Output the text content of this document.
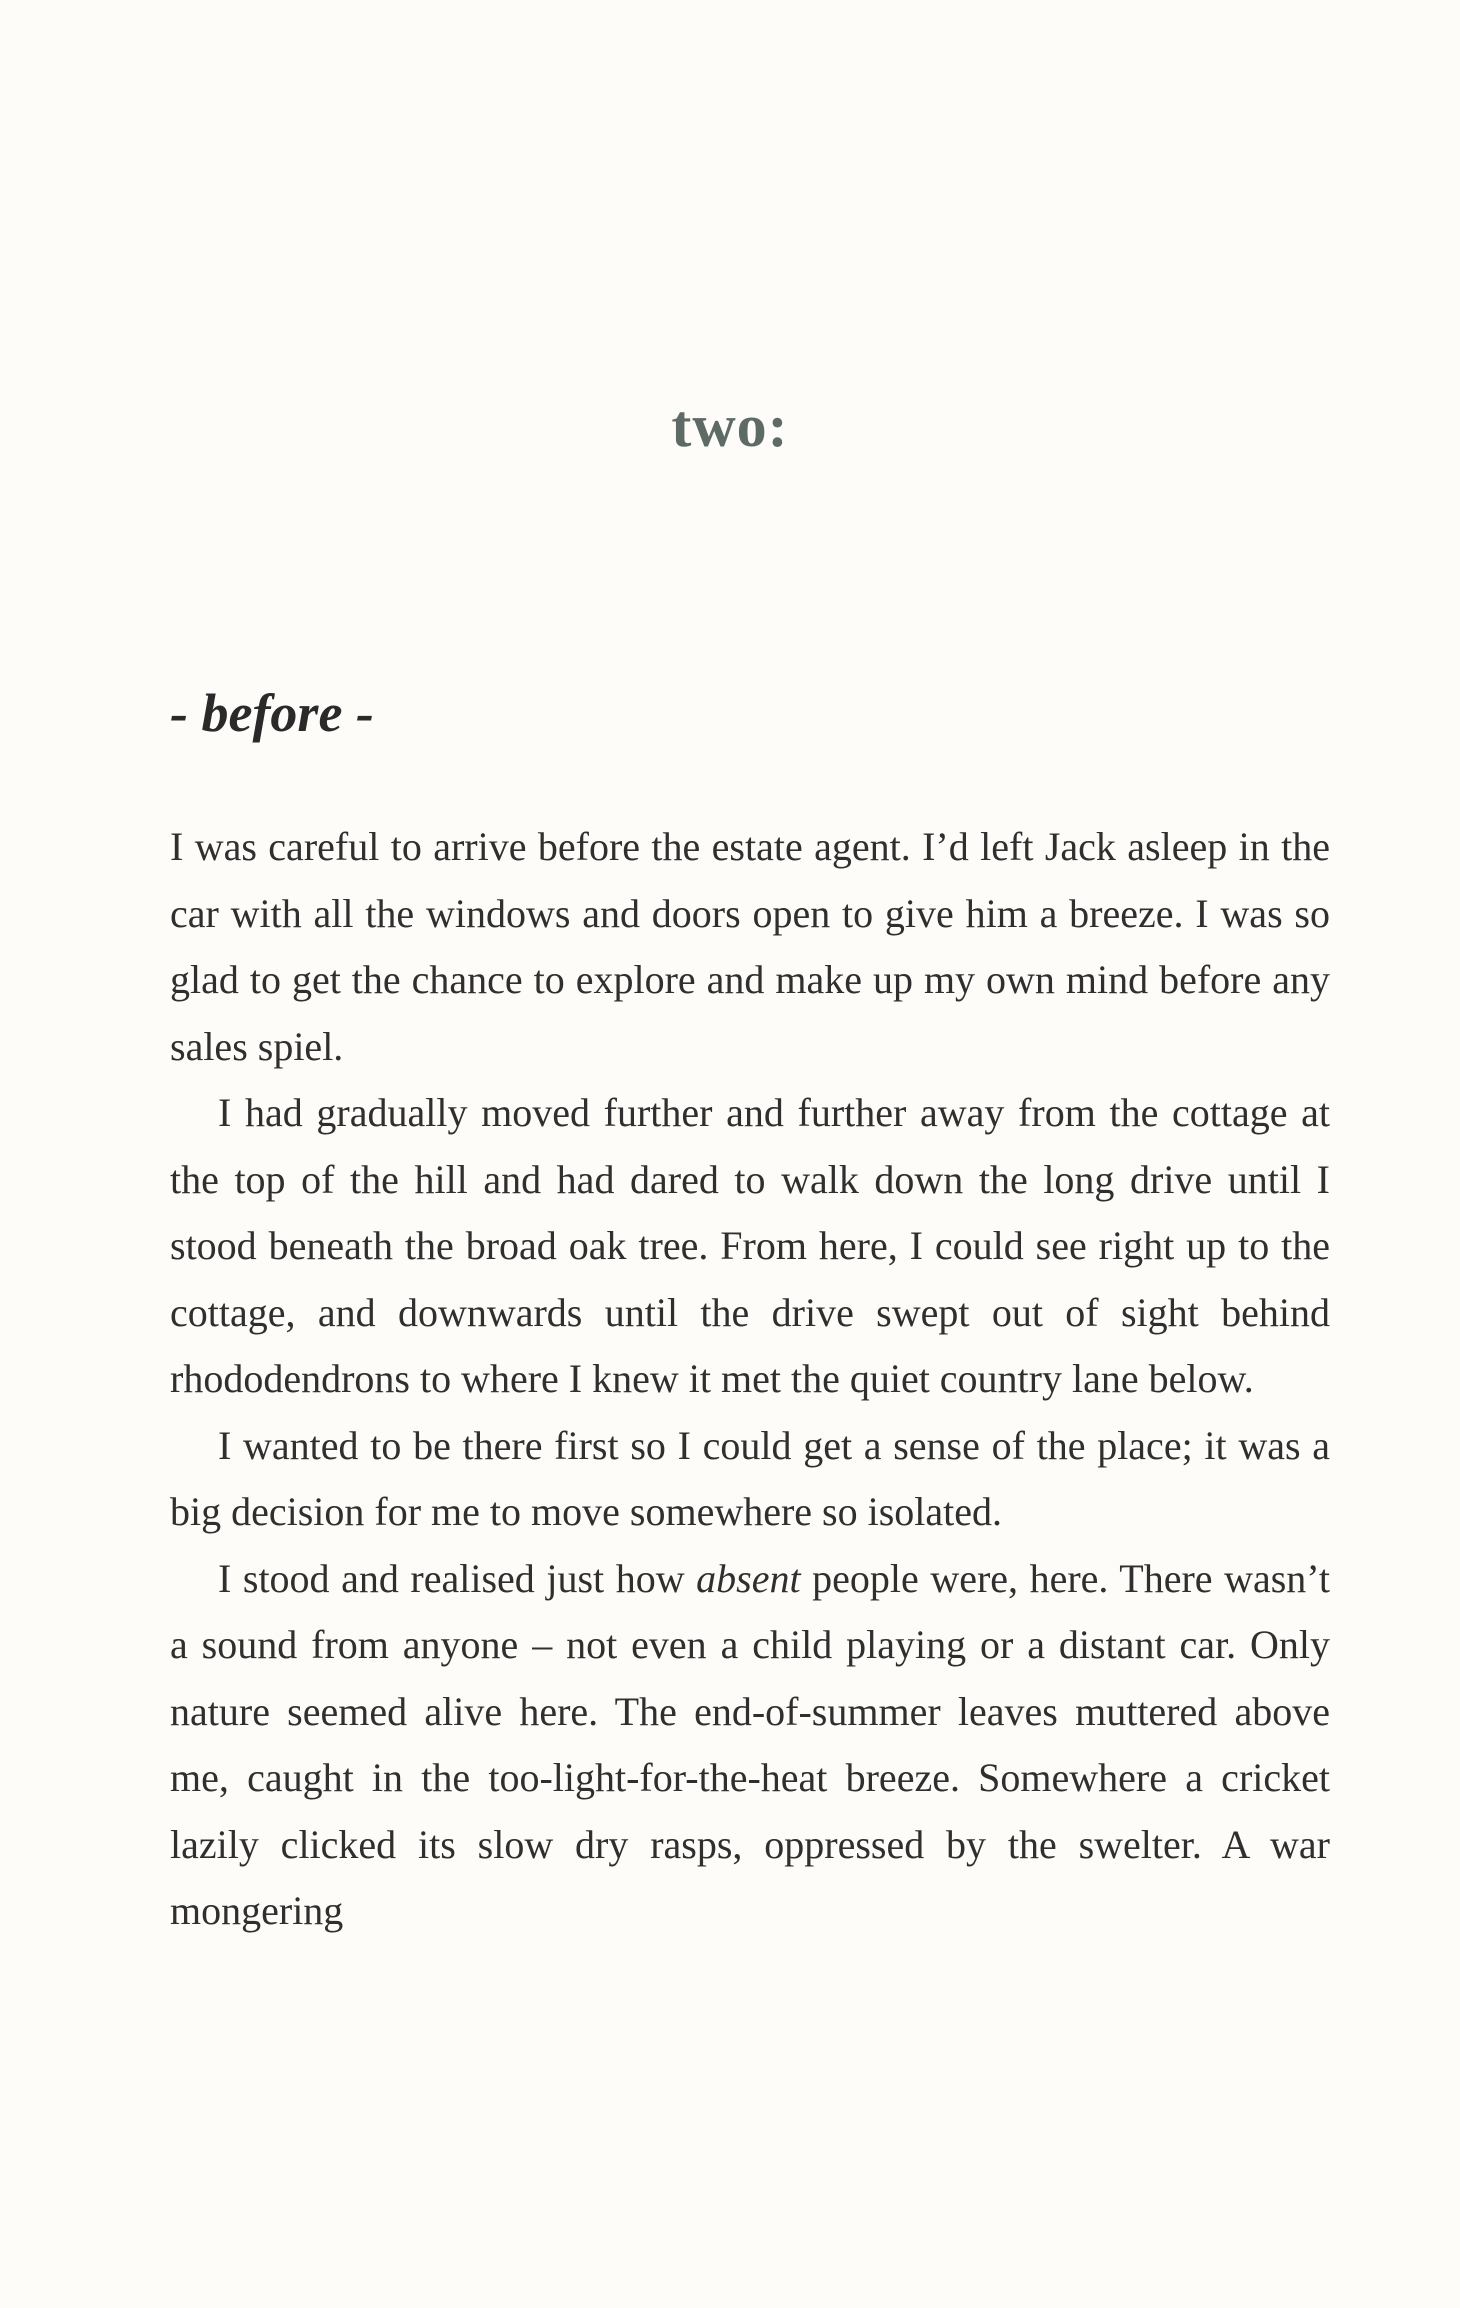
two:
- before -

I was careful to arrive before the estate agent. I’d left Jack asleep in the car with all the windows and doors open to give him a breeze. I was so glad to get the chance to explore and make up my own mind before any sales spiel.

I had gradually moved further and further away from the cottage at the top of the hill and had dared to walk down the long drive until I stood beneath the broad oak tree. From here, I could see right up to the cottage, and downwards until the drive swept out of sight behind rhododendrons to where I knew it met the quiet country lane below.

I wanted to be there first so I could get a sense of the place; it was a big decision for me to move somewhere so isolated.

I stood and realised just how absent people were, here. There wasn’t a sound from anyone – not even a child playing or a distant car. Only nature seemed alive here. The end-of-summer leaves muttered above me, caught in the too-light-for-the-heat breeze. Somewhere a cricket lazily clicked its slow dry rasps, oppressed by the swelter. A war mongering
